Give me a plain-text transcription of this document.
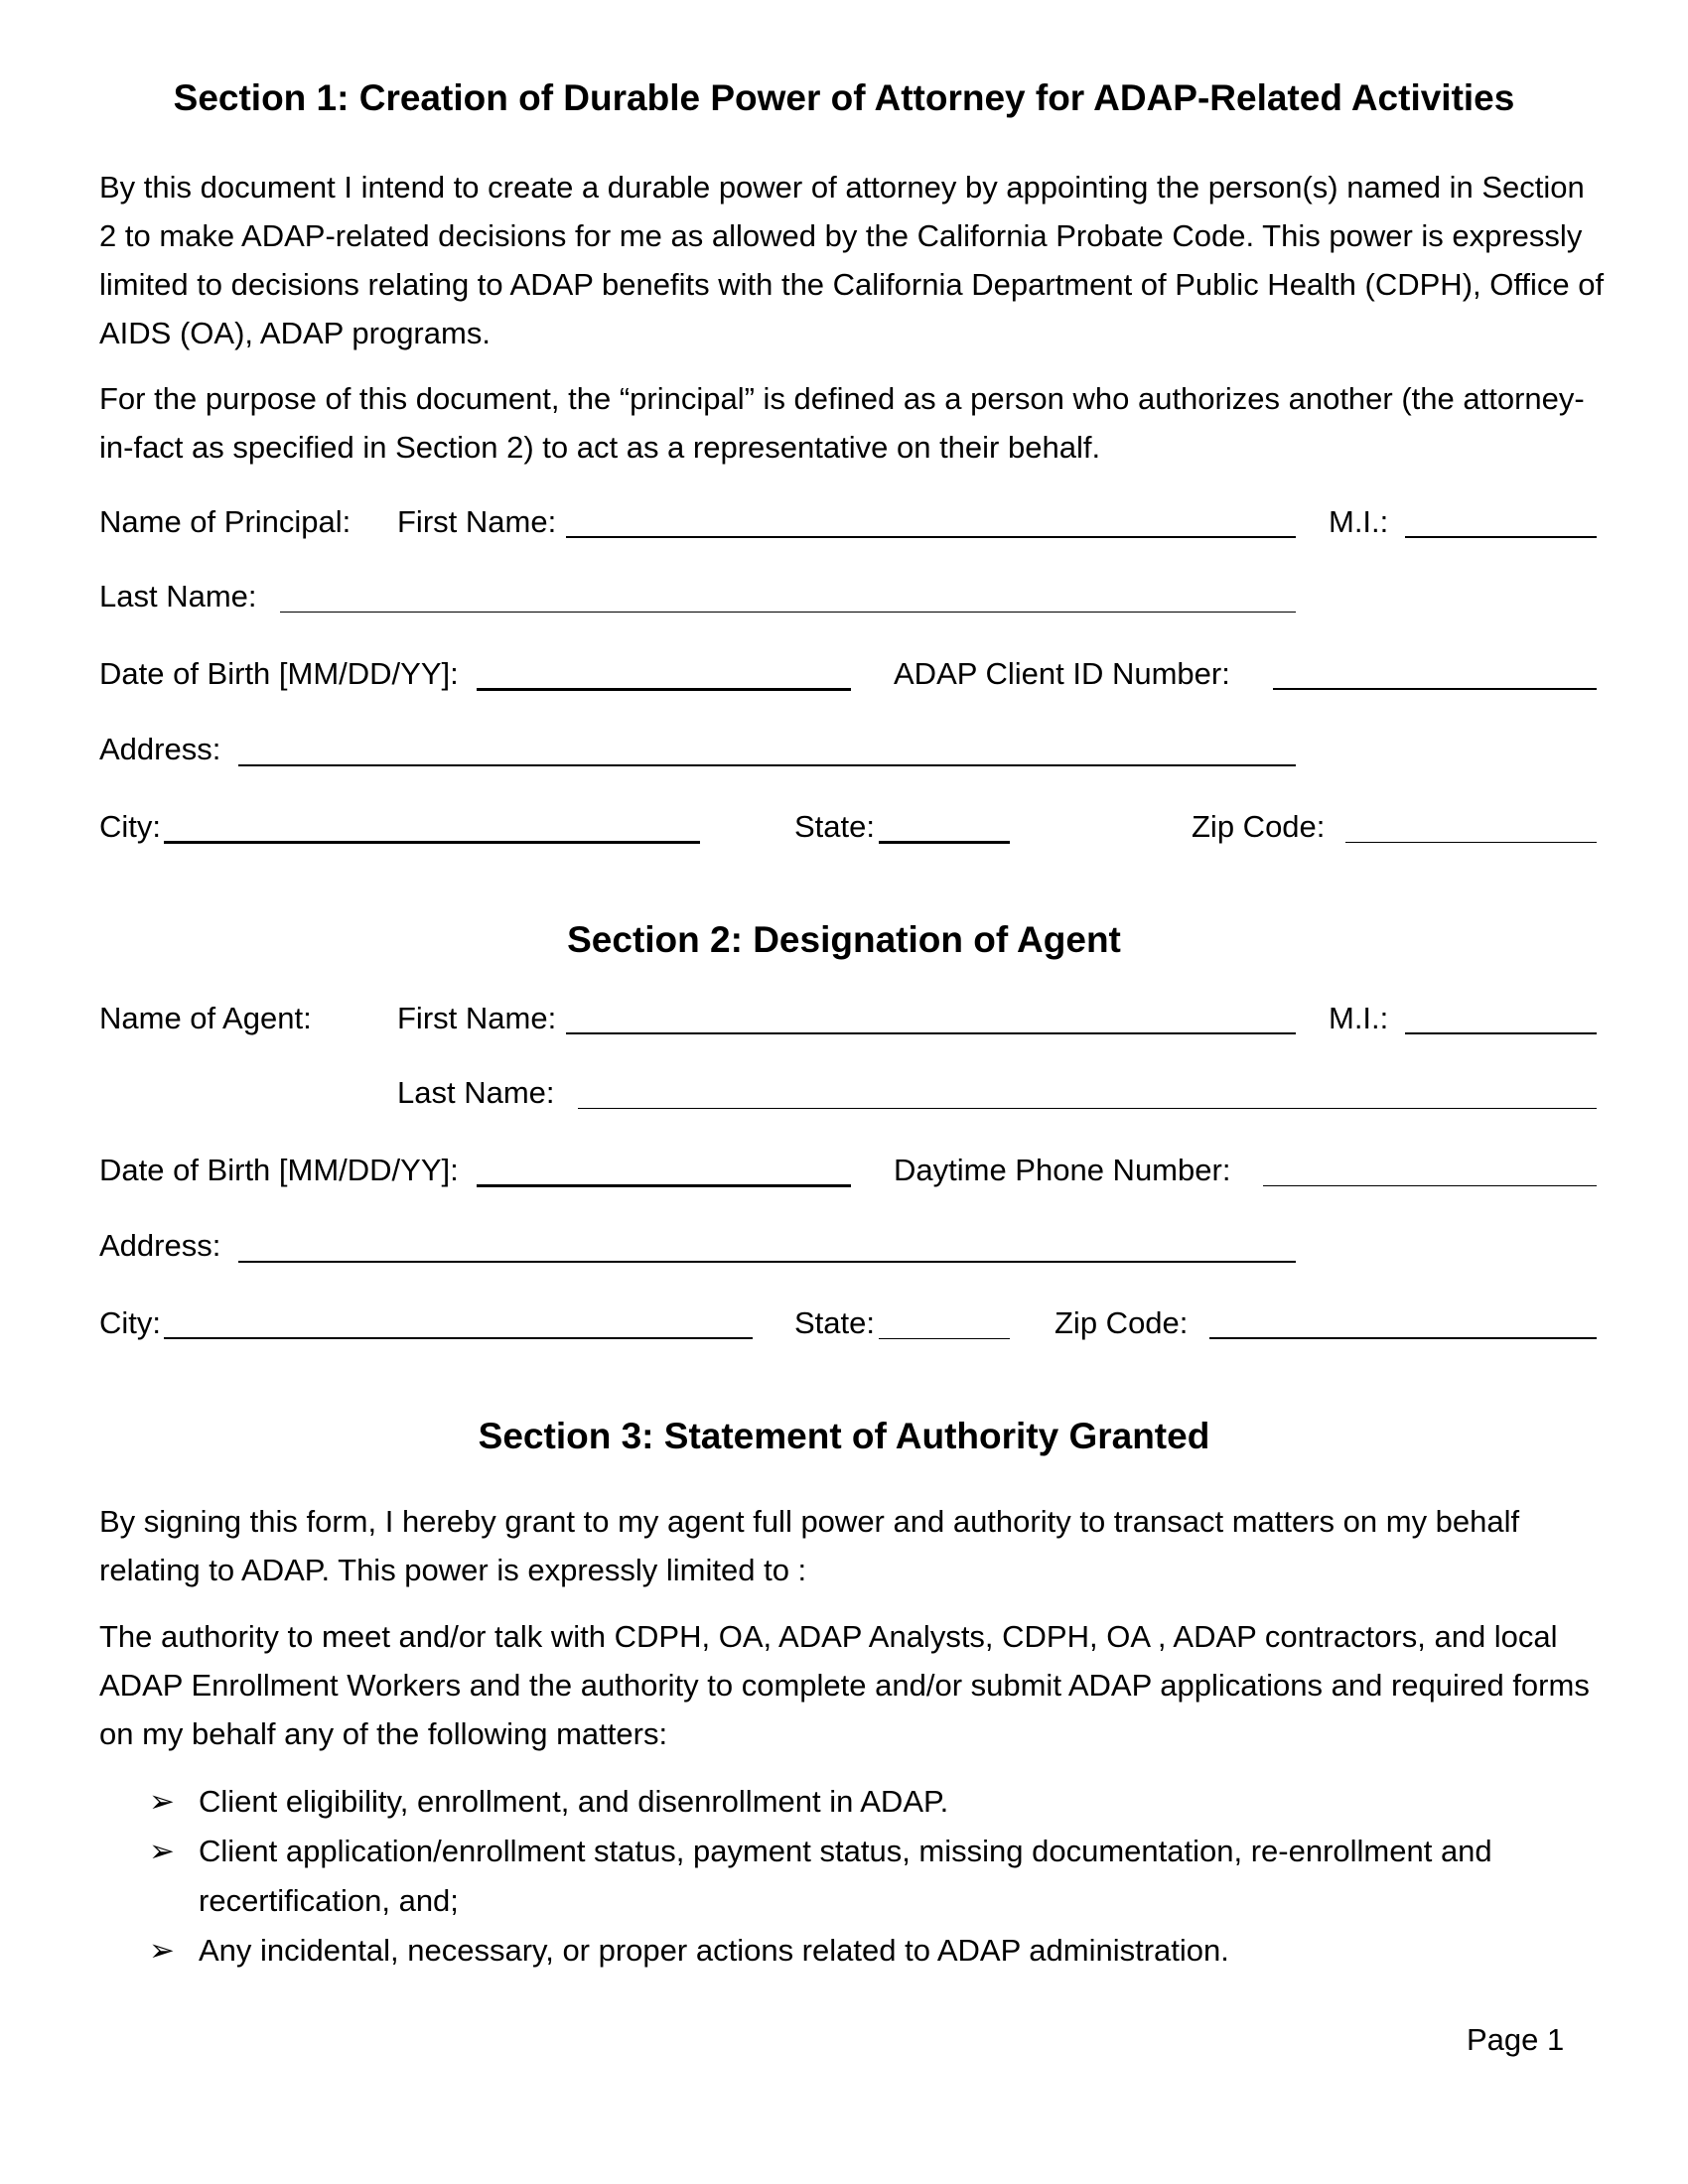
Section 1: Creation of Durable Power of Attorney for ADAP-Related Activities

By this document I intend to create a durable power of attorney by appointing the person(s) named in Section 2 to make ADAP-related decisions for me as allowed by the California Probate Code. This power is expressly limited to decisions relating to ADAP benefits with the California Department of Public Health (CDPH), Office of AIDS (OA), ADAP programs.

For the purpose of this document, the “principal” is defined as a person who authorizes another (the attorney-in-fact as specified in Section 2) to act as a representative on their behalf.

Name of Principal: First Name:	M.I.:
Last Name:
Date of Birth [MM/DD/YY]:	ADAP Client ID Number:
Address:
City:	State:	Zip Code:
Section 2: Designation of Agent
Name of Agent:	First Name:	M.I.:
Last Name:
Date of Birth [MM/DD/YY]:	Daytime Phone Number:
Address:
City:	State:	Zip Code:
Section 3: Statement of Authority Granted

By signing this form, I hereby grant to my agent full power and authority to transact matters on my behalf relating to ADAP. This power is expressly limited to :

The authority to meet and/or talk with CDPH, OA, ADAP Analysts, CDPH, OA , ADAP contractors, and local ADAP Enrollment Workers and the authority to complete and/or submit ADAP applications and required forms on my behalf any of the following matters:

➢ Client eligibility, enrollment, and disenrollment in ADAP.
➢ Client application/enrollment status, payment status, missing documentation, re-enrollment and recertification, and;
➢ Any incidental, necessary, or proper actions related to ADAP administration.
Page 1
